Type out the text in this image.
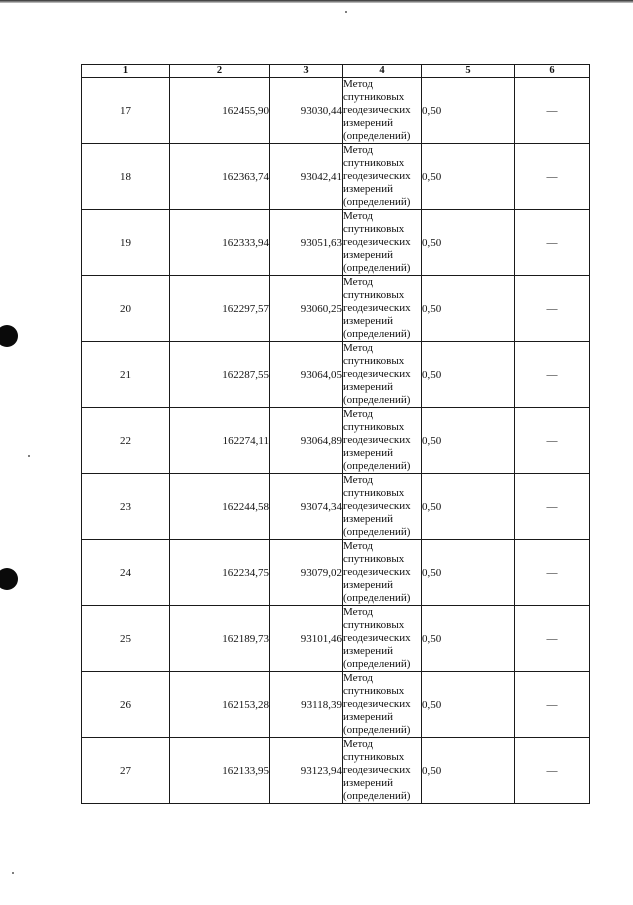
1	2	3	4	5	6
17	162455,90	93030,44	Метод
спутниковых
геодезических
измерений
(определений)	0,50	—
18	162363,74	93042,41	Метод
спутниковых
геодезических
измерений
(определений)	0,50	—
19	162333,94	93051,63	Метод
спутниковых
геодезических
измерений
(определений)	0,50	—
20	162297,57	93060,25	Метод
спутниковых
геодезических
измерений
(определений)	0,50	—
21	162287,55	93064,05	Метод
спутниковых
геодезических
измерений
(определений)	0,50	—
22	162274,11	93064,89	Метод
спутниковых
геодезических
измерений
(определений)	0,50	—
23	162244,58	93074,34	Метод
спутниковых
геодезических
измерений
(определений)	0,50	—
24	162234,75	93079,02	Метод
спутниковых
геодезических
измерений
(определений)	0,50	—
25	162189,73	93101,46	Метод
спутниковых
геодезических
измерений
(определений)	0,50	—
26	162153,28	93118,39	Метод
спутниковых
геодезических
измерений
(определений)	0,50	—
27	162133,95	93123,94	Метод
спутниковых
геодезических
измерений
(определений)	0,50	—
